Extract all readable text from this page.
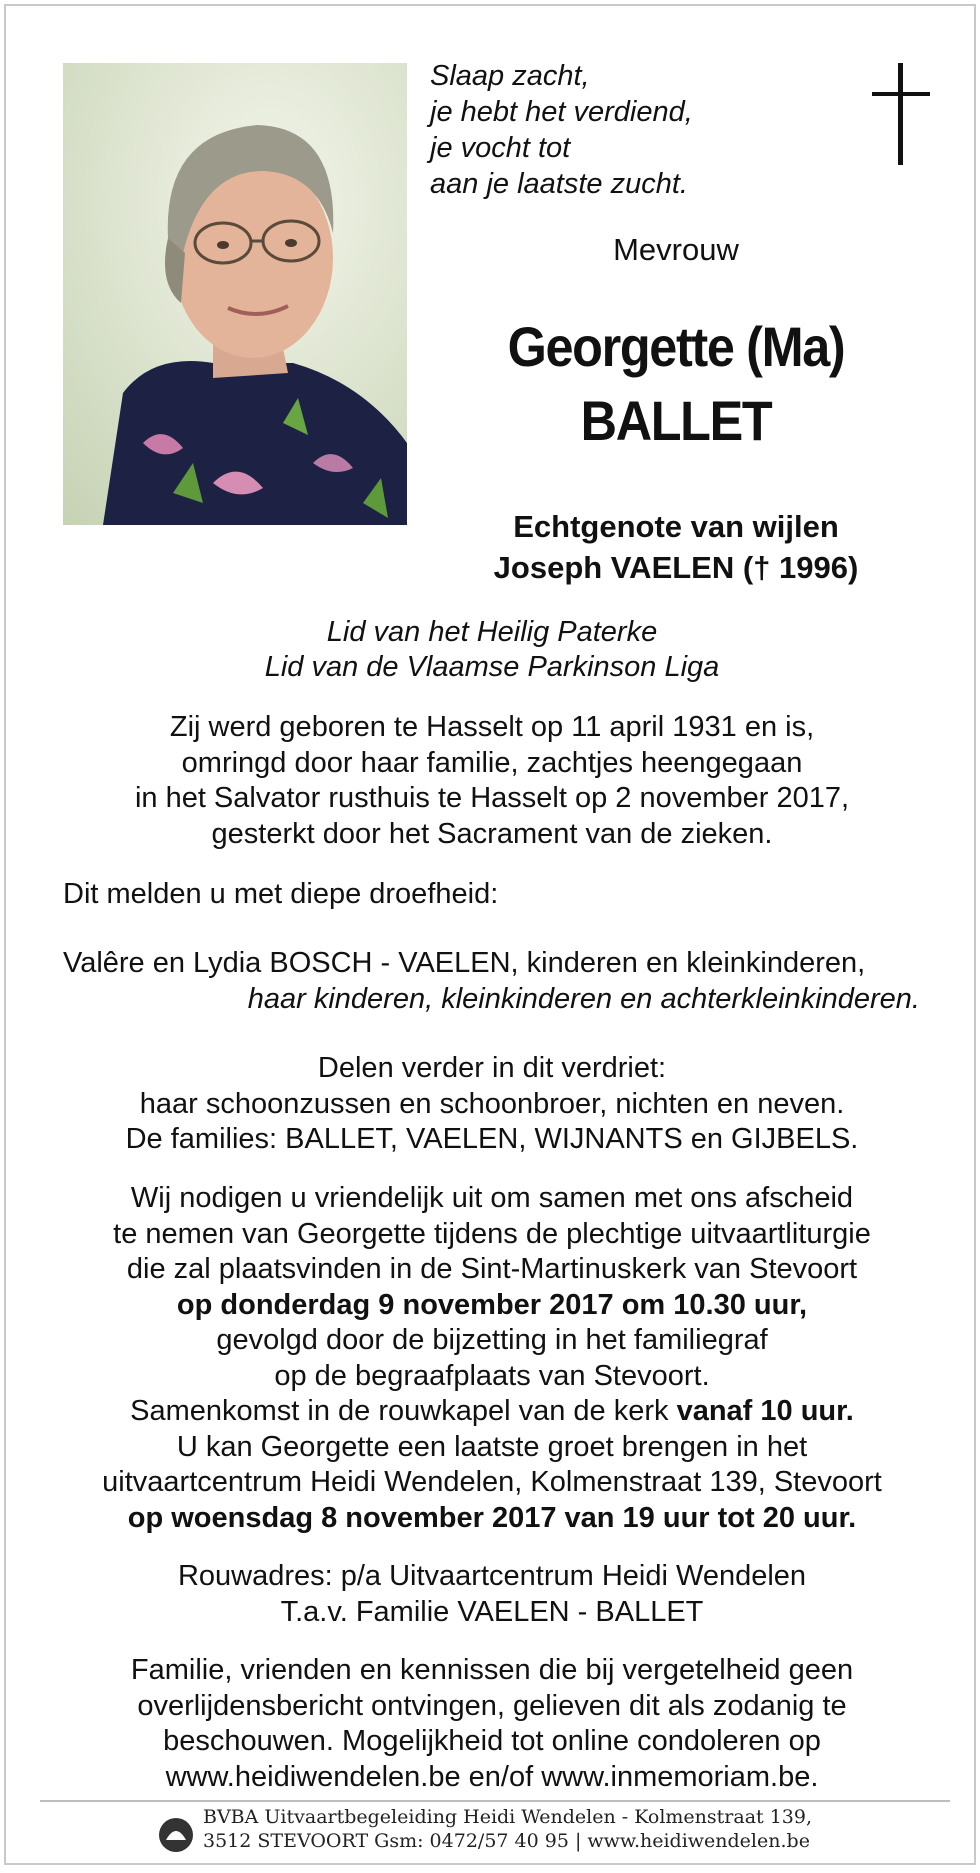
Slaap zacht,
je hebt het verdiend,
je vocht tot
aan je laatste zucht.
Mevrouw
Georgette (Ma)
BALLET
Echtgenote van wijlen
Joseph VAELEN († 1996)
Lid van het Heilig Paterke
Lid van de Vlaamse Parkinson Liga
Zij werd geboren te Hasselt op 11 april 1931 en is,
omringd door haar familie, zachtjes heengegaan
in het Salvator rusthuis te Hasselt op 2 november 2017,
gesterkt door het Sacrament van de zieken.
Dit melden u met diepe droefheid:
Valêre en Lydia BOSCH - VAELEN, kinderen en kleinkinderen,
haar kinderen, kleinkinderen en achterkleinkinderen.
Delen verder in dit verdriet:
haar schoonzussen en schoonbroer, nichten en neven.
De families: BALLET, VAELEN, WIJNANTS en GIJBELS.
Wij nodigen u vriendelijk uit om samen met ons afscheid
te nemen van Georgette tijdens de plechtige uitvaartliturgie
die zal plaatsvinden in de Sint-Martinuskerk van Stevoort
op donderdag 9 november 2017 om 10.30 uur,
gevolgd door de bijzetting in het familiegraf
op de begraafplaats van Stevoort.
Samenkomst in de rouwkapel van de kerk vanaf 10 uur.
U kan Georgette een laatste groet brengen in het
uitvaartcentrum Heidi Wendelen, Kolmenstraat 139, Stevoort
op woensdag 8 november 2017 van 19 uur tot 20 uur.
Rouwadres: p/a Uitvaartcentrum Heidi Wendelen
T.a.v. Familie VAELEN - BALLET
Familie, vrienden en kennissen die bij vergetelheid geen
overlijdensbericht ontvingen, gelieven dit als zodanig te
beschouwen. Mogelijkheid tot online condoleren op
www.heidiwendelen.be en/of www.inmemoriam.be.
BVBA Uitvaartbegeleiding Heidi Wendelen - Kolmenstraat 139,
3512 STEVOORT Gsm: 0472/57 40 95 | www.heidiwendelen.be
